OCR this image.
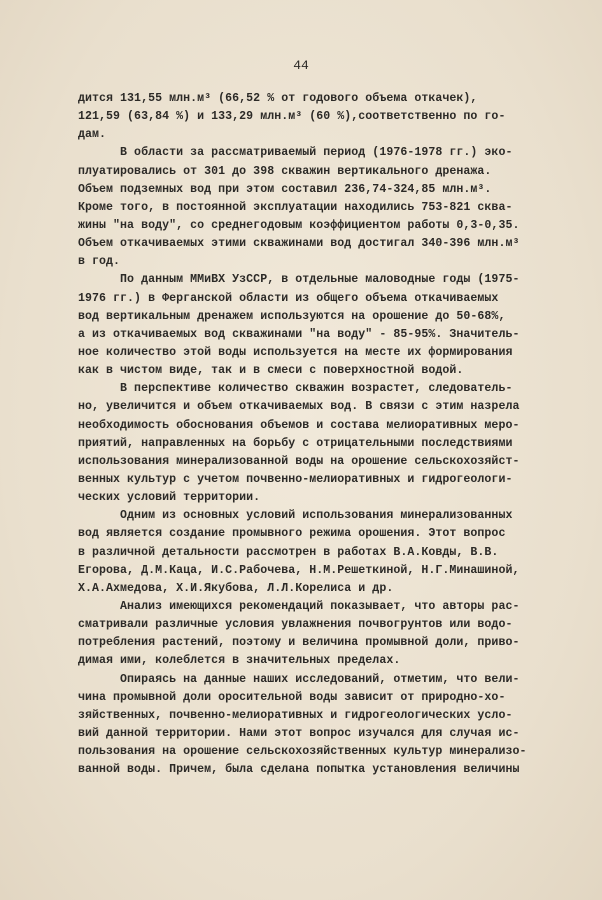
44
дится 131,55 млн.м³ (66,52 % от годового объема откачек),
121,59 (63,84 %) и 133,29 млн.м³ (60 %),соответственно по го-
дам.
В области за рассматриваемый период (1976-1978 гг.) эко-
плуатировались от 301 до 398 скважин вертикального дренажа.
Объем подземных вод при этом составил 236,74-324,85 млн.м³.
Кроме того, в постоянной эксплуатации находились 753-821 сква-
жины "на воду", со среднегодовым коэффициентом работы 0,3-0,35.
Объем откачиваемых этими скважинами вод достигал 340-396 млн.м³
в год.
По данным ММиВХ УзССР, в отдельные маловодные годы (1975-
1976 гг.) в Ферганской области из общего объема откачиваемых
вод вертикальным дренажем используются на орошение до 50-68%,
а из откачиваемых вод скважинами "на воду" - 85-95%. Значитель-
ное количество этой воды используется на месте их формирования
как в чистом виде, так и в смеси с поверхностной водой.
В перспективе количество скважин возрастет, следователь-
но, увеличится и объем откачиваемых вод. В связи с этим назрела
необходимость обоснования объемов и состава мелиоративных меро-
приятий, направленных на борьбу с отрицательными последствиями
использования минерализованной воды на орошение сельскохозяйст-
венных культур с учетом почвенно-мелиоративных и гидрогеологи-
ческих условий территории.
Одним из основных условий использования минерализованных
вод является создание промывного режима орошения. Этот вопрос
в различной детальности рассмотрен в работах В.А.Ковды, В.В.
Егорова, Д.М.Каца, И.С.Рабочева, Н.М.Решеткиной, Н.Г.Минашиной,
Х.А.Ахмедова, Х.И.Якубова, Л.Л.Корелиса и др.
Анализ имеющихся рекомендаций показывает, что авторы рас-
сматривали различные условия увлажнения почвогрунтов или водо-
потребления растений, поэтому и величина промывной доли, приво-
димая ими, колеблется в значительных пределах.
Опираясь на данные наших исследований, отметим, что вели-
чина промывной доли оросительной воды зависит от природно-хо-
зяйственных, почвенно-мелиоративных и гидрогеологических усло-
вий данной территории. Нами этот вопрос изучался для случая ис-
пользования на орошение сельскохозяйственных культур минерализо-
ванной воды. Причем, была сделана попытка установления величины
